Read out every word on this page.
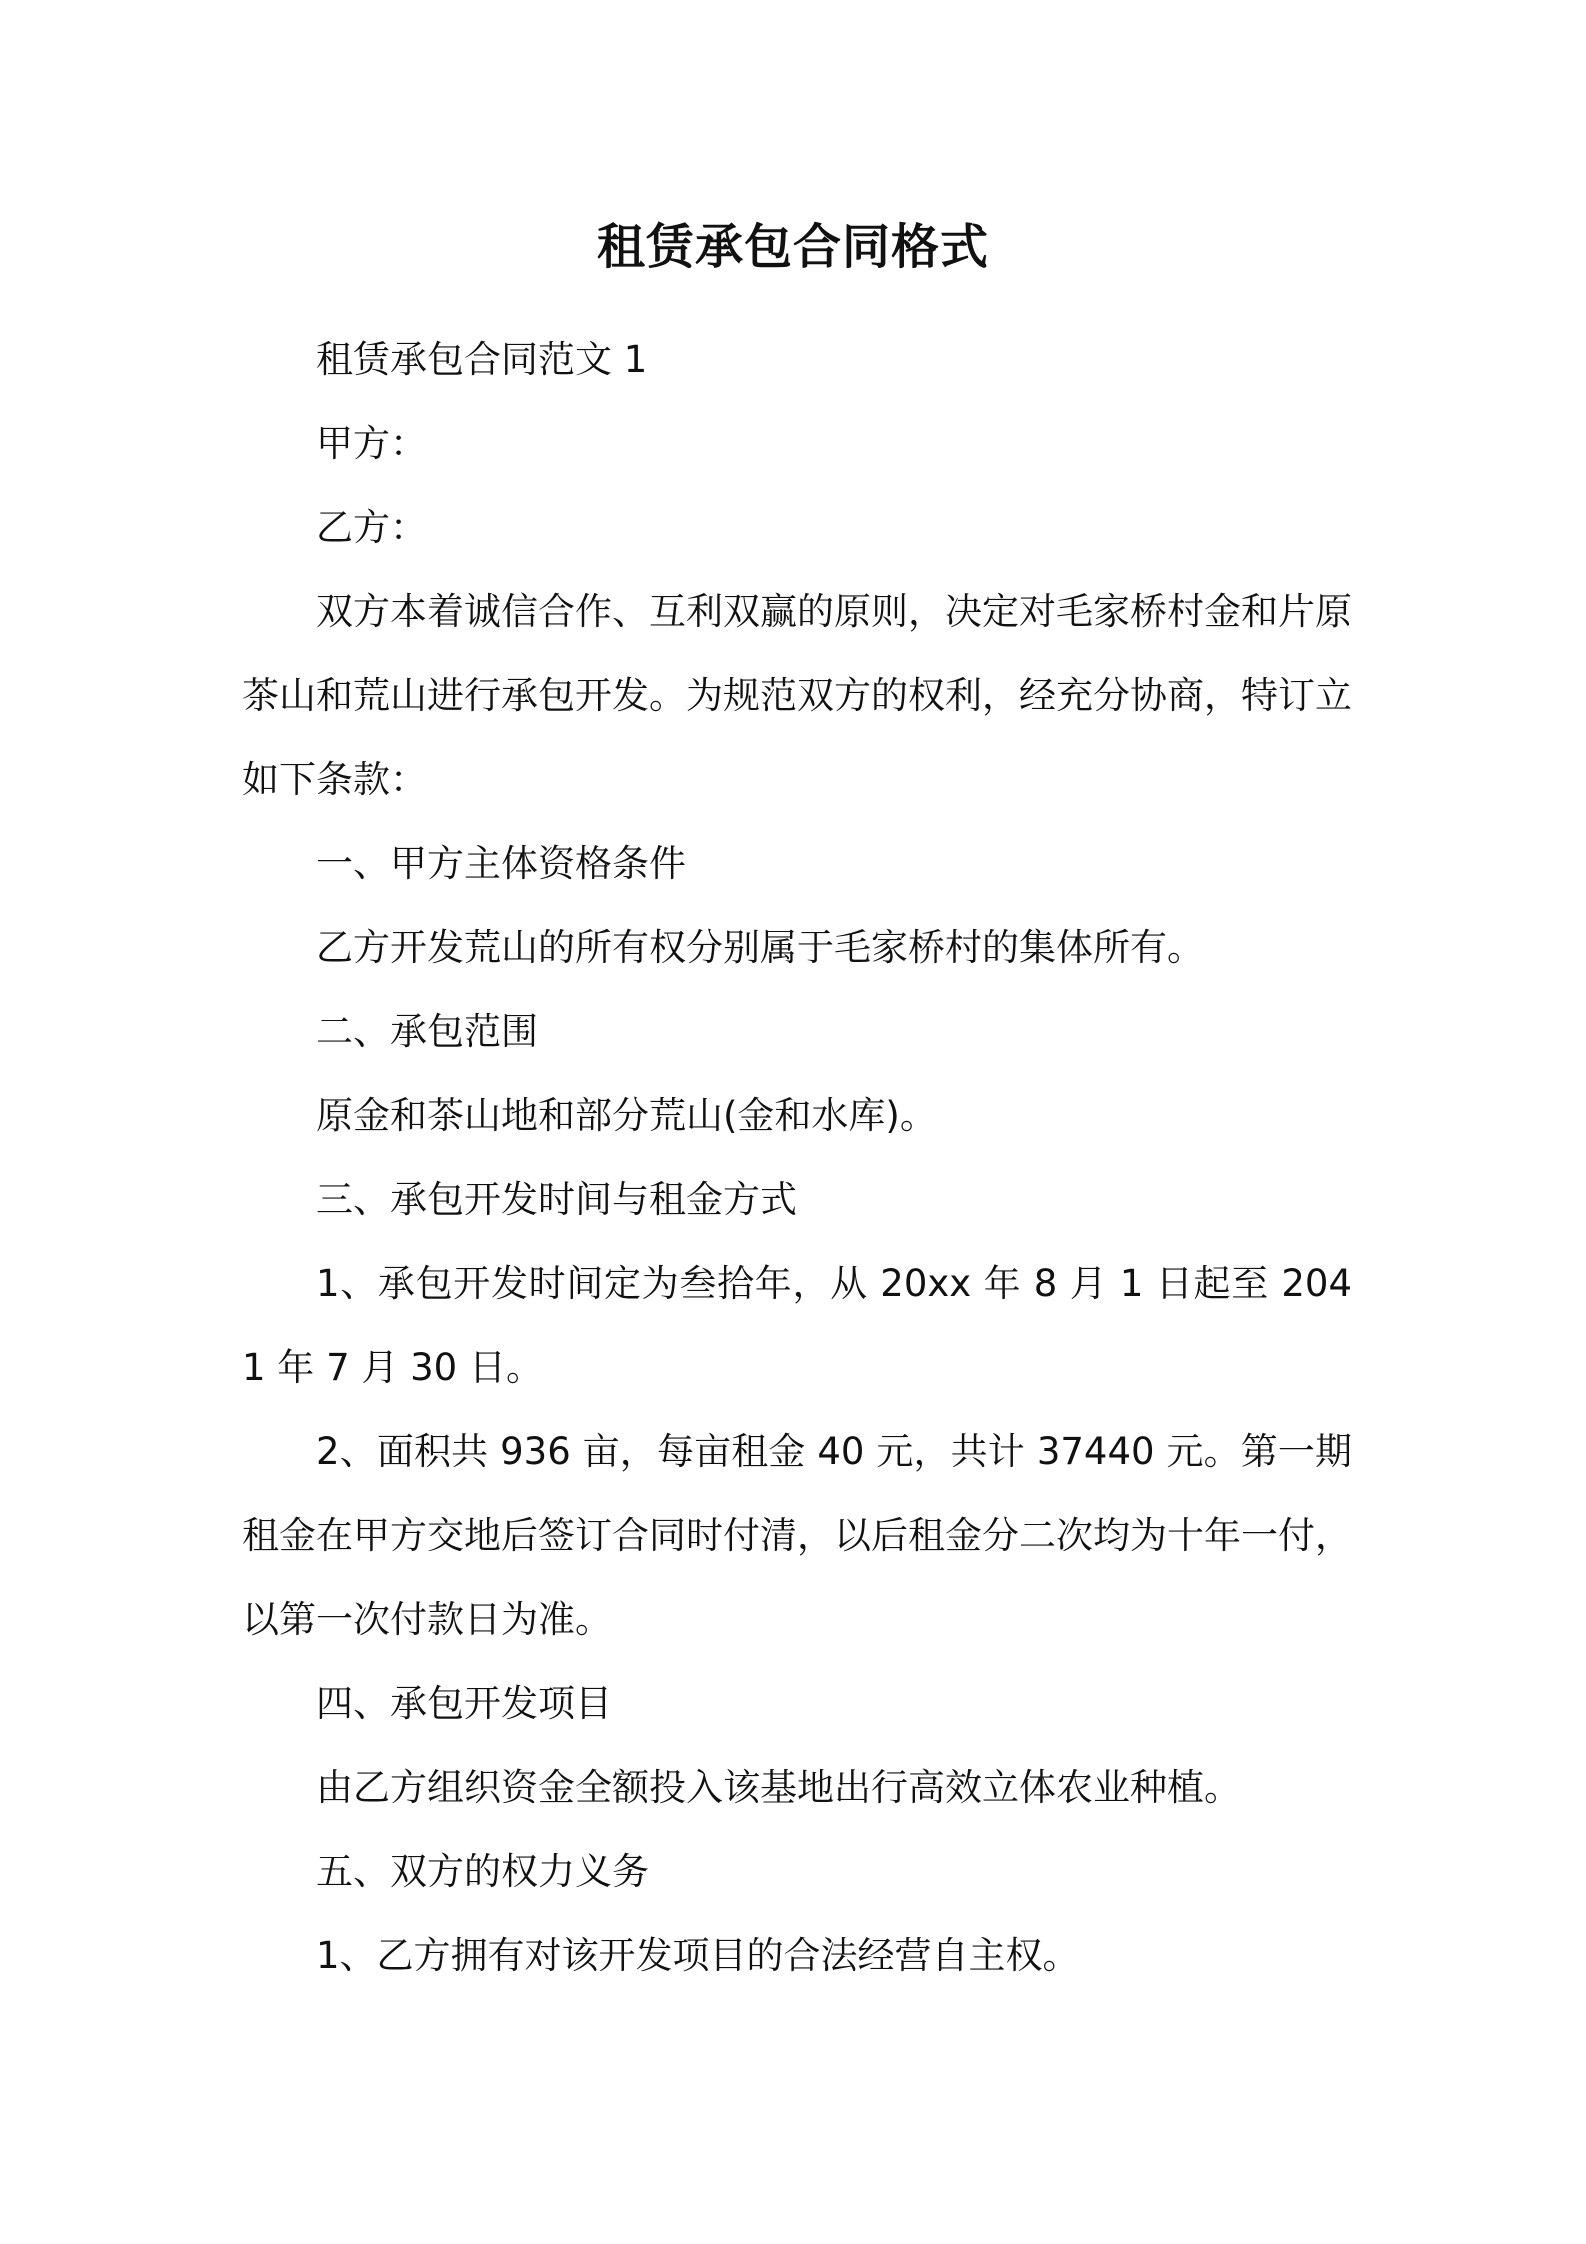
租赁承包合同格式

租赁承包合同范文 1

甲方：

乙方：

双方本着诚信合作、互利双赢的原则，决定对毛家桥村金和片原茶山和荒山进行承包开发。为规范双方的权利，经充分协商，特订立如下条款：

一、甲方主体资格条件

乙方开发荒山的所有权分别属于毛家桥村的集体所有。

二、承包范围

原金和茶山地和部分荒山(金和水库)。

三、承包开发时间与租金方式

1、承包开发时间定为叁拾年，从 20xx 年 8 月 1 日起至 2041 年 7 月 30 日。

2、面积共 936 亩，每亩租金 40 元，共计 37440 元。第一期租金在甲方交地后签订合同时付清，以后租金分二次均为十年一付，以第一次付款日为准。

四、承包开发项目

由乙方组织资金全额投入该基地出行高效立体农业种植。

五、双方的权力义务

1、乙方拥有对该开发项目的合法经营自主权。
